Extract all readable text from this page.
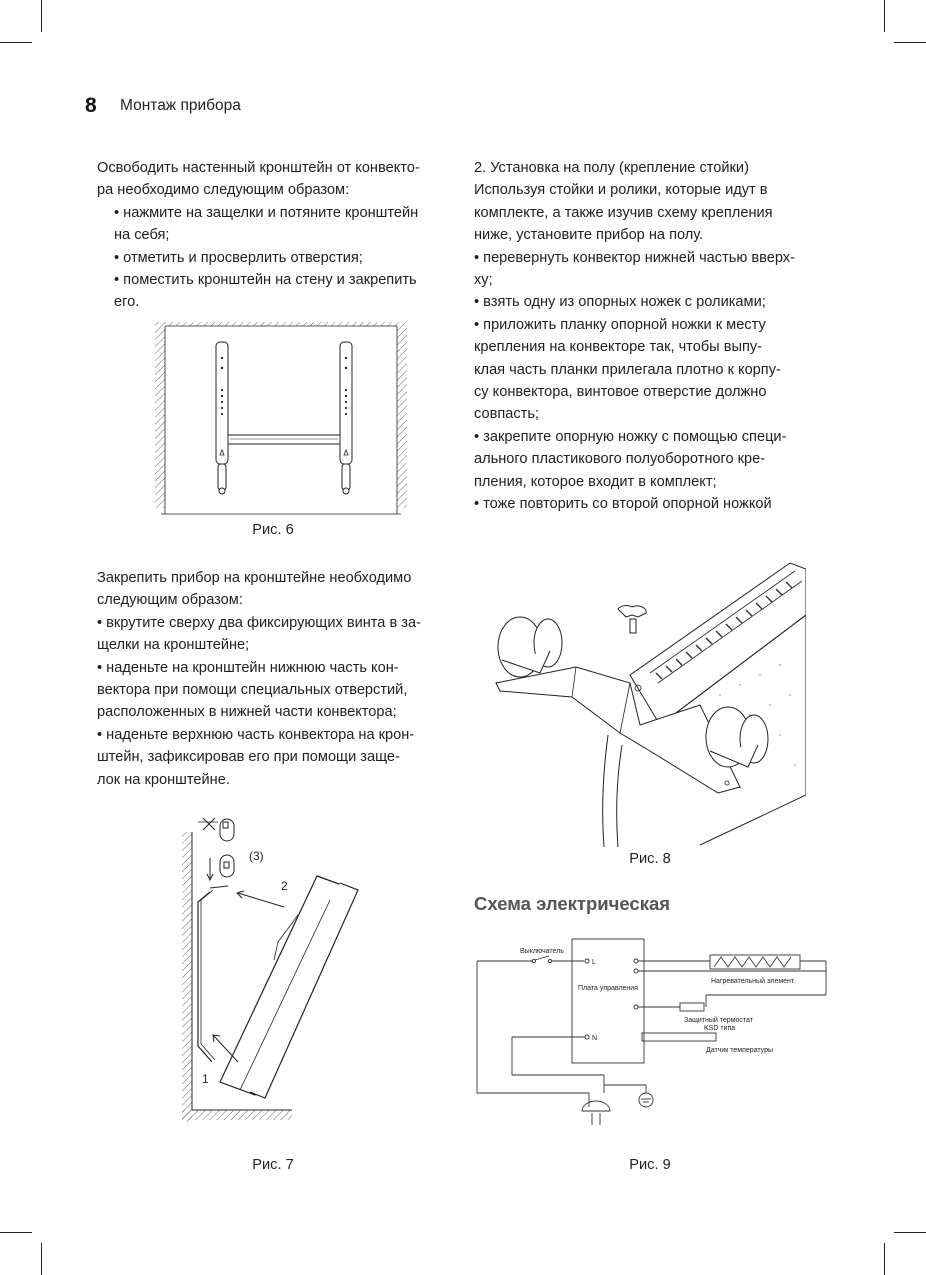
8 Монтаж прибора

Освободить настенный кронштейн от конвекто-

ра необходимо следующим образом:

• нажмите на защелки и потяните кронштейн

на себя;

• отметить и просверлить отверстия;

• поместить кронштейн на стену и закрепить

его.

Рис. 6

Закрепить прибор на кронштейне необходимо

следующим образом:

• вкрутите сверху два фиксирующих винта в за-

щелки на кронштейне;

• наденьте на кронштейн нижнюю часть кон-

вектора при помощи специальных отверстий,

расположенных в нижней части конвектора;

• наденьте верхнюю часть конвектора на крон-

штейн, зафиксировав его при помощи заще-

лок на кронштейне.

(3)
2
1
Рис. 7

2. Установка на полу (крепление стойки)

Используя стойки и ролики, которые идут в

комплекте, а также изучив схему крепления

ниже, установите прибор на полу.

• перевернуть конвектор нижней частью вверх-

ху;

• взять одну из опорных ножек с роликами;

• приложить планку опорной ножки к месту

крепления на конвекторе так, чтобы выпу-

клая часть планки прилегала плотно к корпу-

су конвектора, винтовое отверстие должно

совпасть;

• закрепите опорную ножку с помощью специ-

ального пластикового полуоборотного кре-

пления, которое входит в комплект;

• тоже повторить со второй опорной ножкой

Рис. 8
Схема электрическая
Выключатель
L
Плата управления
Нагревательный элемент
Защитный термостат
KSD типа
N
Датчик температуры
Рис. 9
